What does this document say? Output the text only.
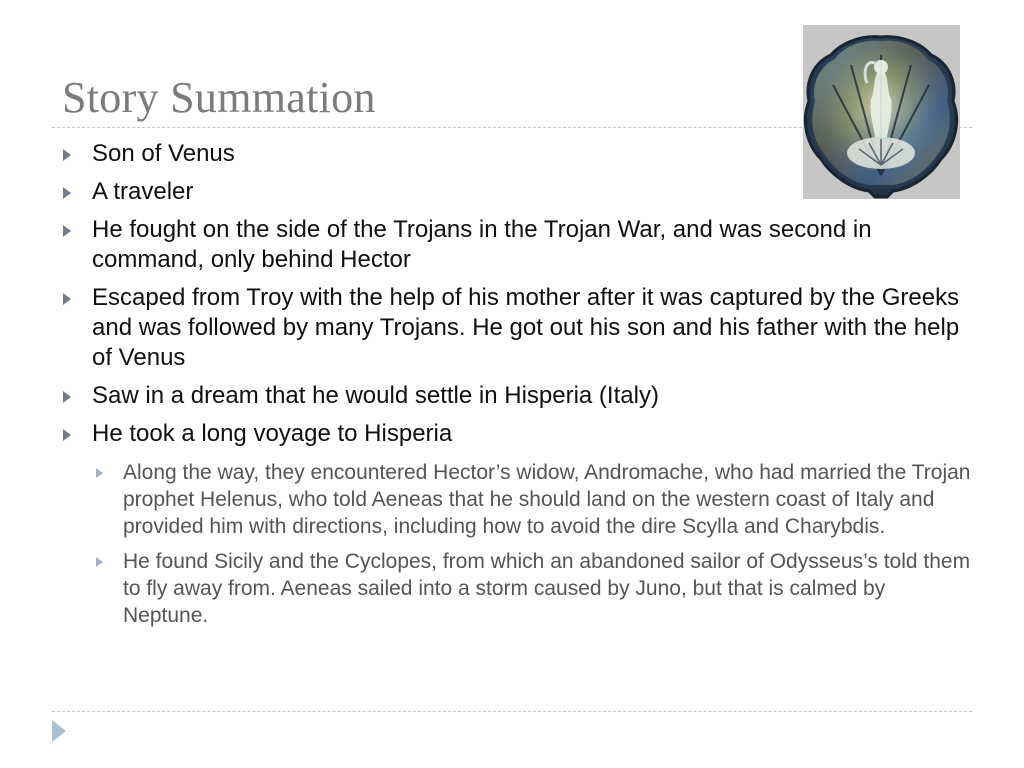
Story Summation
Son of Venus
A traveler
He fought on the side of the Trojans in the Trojan War, and was second in command, only behind Hector
Escaped from Troy with the help of his mother after it was captured by the Greeks and was followed by many Trojans. He got out his son and his father with the help of Venus
Saw in a dream that he would settle in Hisperia (Italy)
He took a long voyage to Hisperia
Along the way, they encountered Hector’s widow, Andromache, who had married the Trojan prophet Helenus, who told Aeneas that he should land on the western coast of Italy and provided him with directions, including how to avoid the dire Scylla and Charybdis.
He found Sicily and the Cyclopes, from which an abandoned sailor of Odysseus’s told them to fly away from. Aeneas sailed into a storm caused by Juno, but that is calmed by Neptune.
